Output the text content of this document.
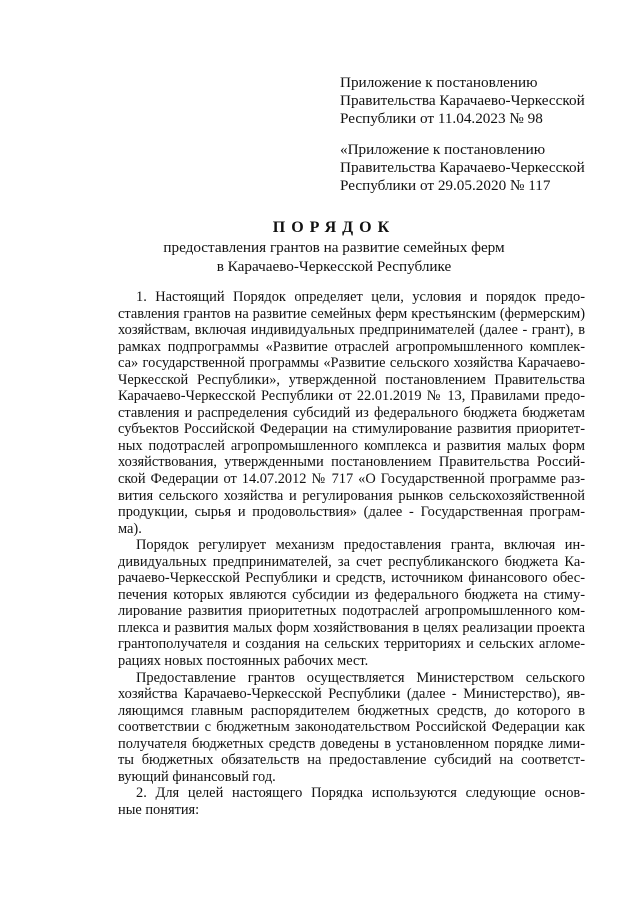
Приложение к постановлению
Правительства Карачаево-Черкесской
Республики от 11.04.2023 № 98
«Приложение к постановлению
Правительства Карачаево-Черкесской
Республики от 29.05.2020 № 117
ПОРЯДОК
предоставления грантов на развитие семейных ферм
в Карачаево-Черкесской Республике
1. Настоящий Порядок определяет цели, условия и порядок предо-
ставления грантов на развитие семейных ферм крестьянским (фермерским)
хозяйствам, включая индивидуальных предпринимателей (далее - грант), в
рамках подпрограммы «Развитие отраслей агропромышленного комплек-
са» государственной программы «Развитие сельского хозяйства Карачаево-
Черкесской Республики», утвержденной постановлением Правительства
Карачаево-Черкесской Республики от 22.01.2019 № 13, Правилами предо-
ставления и распределения субсидий из федерального бюджета бюджетам
субъектов Российской Федерации на стимулирование развития приоритет-
ных подотраслей агропромышленного комплекса и развития малых форм
хозяйствования, утвержденными постановлением Правительства Россий-
ской Федерации от 14.07.2012 № 717 «О Государственной программе раз-
вития сельского хозяйства и регулирования рынков сельскохозяйственной
продукции, сырья и продовольствия» (далее - Государственная програм-
ма).
Порядок регулирует механизм предоставления гранта, включая ин-
дивидуальных предпринимателей, за счет республиканского бюджета Ка-
рачаево-Черкесской Республики и средств, источником финансового обес-
печения которых являются субсидии из федерального бюджета на стиму-
лирование развития приоритетных подотраслей агропромышленного ком-
плекса и развития малых форм хозяйствования в целях реализации проекта
грантополучателя и создания на сельских территориях и сельских агломе-
рациях новых постоянных рабочих мест.
Предоставление грантов осуществляется Министерством сельского
хозяйства Карачаево-Черкесской Республики (далее - Министерство), яв-
ляющимся главным распорядителем бюджетных средств, до которого в
соответствии с бюджетным законодательством Российской Федерации как
получателя бюджетных средств доведены в установленном порядке лими-
ты бюджетных обязательств на предоставление субсидий на соответст-
вующий финансовый год.
2. Для целей настоящего Порядка используются следующие основ-
ные понятия:
